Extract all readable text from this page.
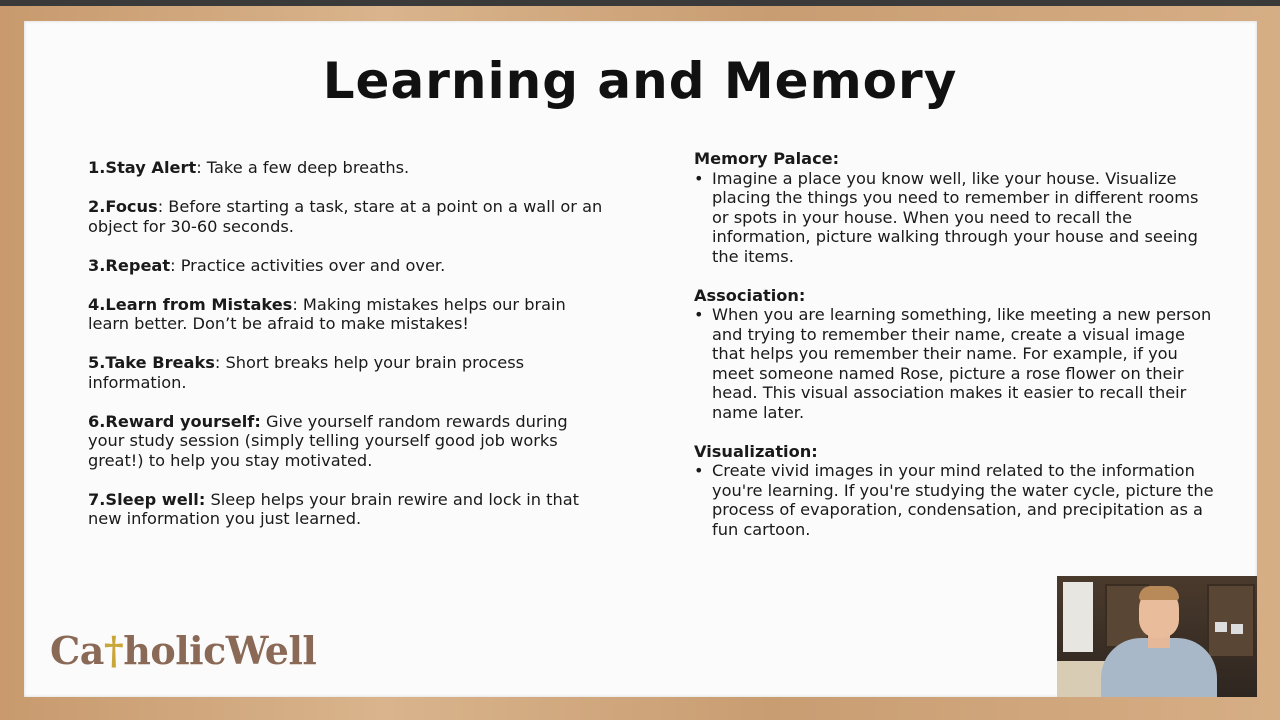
Learning and Memory
1.Stay Alert: Take a few deep breaths.
2.Focus: Before starting a task, stare at a point on a wall or an object for 30-60 seconds.
3.Repeat: Practice activities over and over.
4.Learn from Mistakes: Making mistakes helps our brain learn better. Don’t be afraid to make mistakes!
5.Take Breaks: Short breaks help your brain process information.
6.Reward yourself: Give yourself random rewards during your study session (simply telling yourself good job works great!) to help you stay motivated.
7.Sleep well: Sleep helps your brain rewire and lock in that new information you just learned.
Memory Palace:
• Imagine a place you know well, like your house. Visualize placing the things you need to remember in different rooms or spots in your house. When you need to recall the information, picture walking through your house and seeing the items.
Association:
• When you are learning something, like meeting a new person and trying to remember their name, create a visual image that helps you remember their name. For example, if you meet someone named Rose, picture a rose flower on their head. This visual association makes it easier to recall their name later.
Visualization:
• Create vivid images in your mind related to the information you're learning. If you're studying the water cycle, picture the process of evaporation, condensation, and precipitation as a fun cartoon.
Ca†holicWell
